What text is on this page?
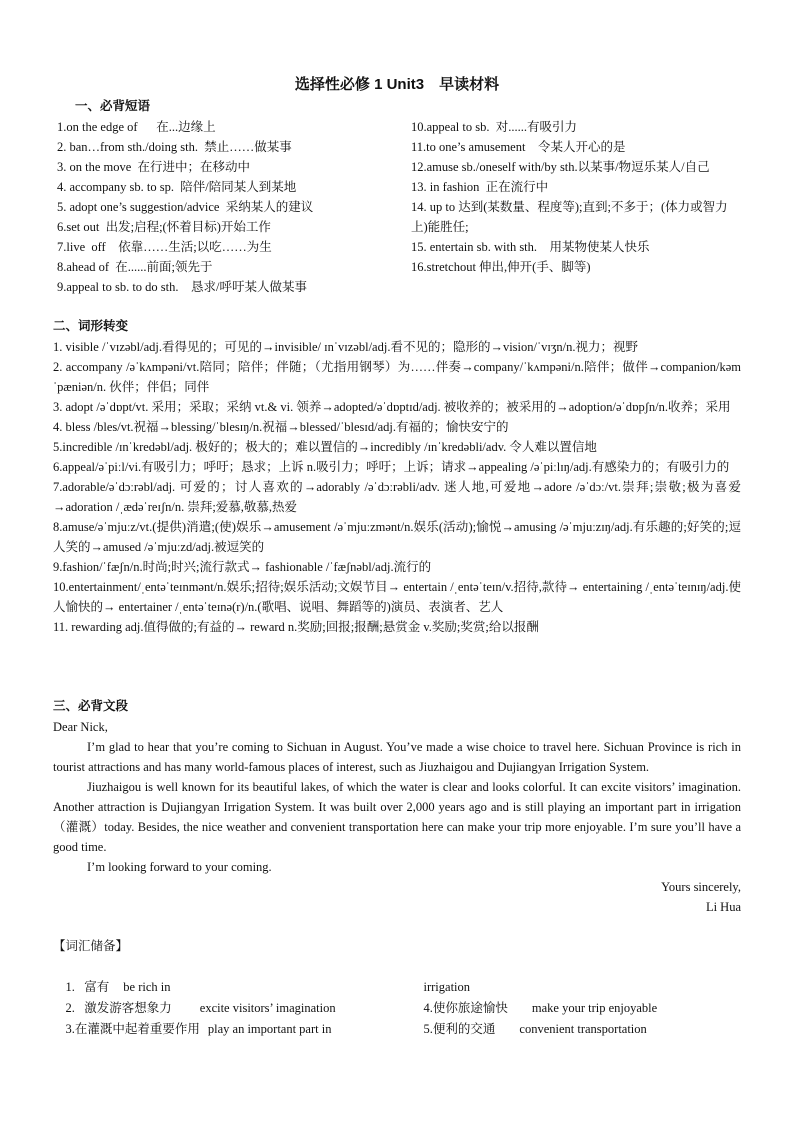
选择性必修 1 Unit3　早读材料
一、必背短语
1.on the edge of      在...边缘上
2. ban…from sth./doing sth.  禁止……做某事
3. on the move  在行进中；在移动中
4. accompany sb. to sp.  陪伴/陪同某人到某地
5. adopt one’s suggestion/advice  采纳某人的建议
6.set out  出发;启程;(怀着目标)开始工作
7.live  off    依靠……生活;以吃……为生
8.ahead of  在......前面;领先于
9.appeal to sb. to do sth.    恳求/呼吁某人做某事
10.appeal to sb.  对......有吸引力
11.to one’s amusement    令某人开心的是
12.amuse sb./oneself with/by sth.以某事/物逗乐某人/自己
13. in fashion  正在流行中
14. up to 达到(某数量、程度等);直到;不多于；(体力或智力上)能胜任;
15. entertain sb. with sth.    用某物使某人快乐
16.stretchout 伸出,伸开(手、脚等)
二、词形转变
1. visible /ˈvɪzəbl/adj.看得见的；可见的→invisible/ ɪnˈvɪzəbl/adj.看不见的；隐形的→vision/ˈvɪʒn/n.视力；视野
2. accompany /əˈkʌmpəni/vt.陪同；陪伴；伴随；（尤指用钢琴）为……伴奏→company/ˈkʌmpəni/n.陪伴；做伴→companion/kəmˈpæniən/n. 伙伴；伴侣；同伴
3. adopt /əˈdɒpt/vt. 采用；采取；采纳 vt.& vi. 领养→adopted/əˈdɒptɪd/adj. 被收养的；被采用的→adoption/əˈdɒpʃn/n.收养；采用
4. bless /bles/vt.祝福→blessing/ˈblesɪŋ/n.祝福→blessed/ˈblesɪd/adj.有福的；愉快安宁的
5.incredible /ɪnˈkredəbl/adj. 极好的；极大的；难以置信的→incredibly /ɪnˈkredəbli/adv. 令人难以置信地
6.appeal/əˈpiːl/vi.有吸引力；呼吁；恳求；上诉 n.吸引力；呼吁；上诉；请求→appealing /əˈpiːlɪŋ/adj.有感染力的；有吸引力的
7.adorable/əˈdɔːrəbl/adj. 可爱的；讨人喜欢的→adorably /əˈdɔːrəbli/adv. 迷人地,可爱地→adore /əˈdɔː/vt.崇拜;崇敬;极为喜爱→adoration /ˌædəˈreɪʃn/n. 崇拜;爱慕,敬慕,热爱
8.amuse/əˈmjuːz/vt.(提供)消遣;(使)娱乐→amusement /əˈmjuːzmənt/n.娱乐(活动);愉悦→amusing /əˈmjuːzɪŋ/adj.有乐趣的;好笑的;逗人笑的→amused /əˈmjuːzd/adj.被逗笑的
9.fashion/ˈfæʃn/n.时尚;时兴;流行款式→ fashionable /ˈfæʃnəbl/adj.流行的
10.entertainment/ˌentəˈteɪnmənt/n.娱乐;招待;娱乐活动;文娱节目→ entertain /ˌentəˈteɪn/v.招待,款待→ entertaining /ˌentəˈteɪnɪŋ/adj.使人愉快的→ entertainer /ˌentəˈteɪnə(r)/n.(歌唱、说唱、舞蹈等的)演员、表演者、艺人
11. rewarding adj.值得做的;有益的→ reward n.奖励;回报;报酬;悬赏金 v.奖励;奖赏;给以报酬
三、必背文段
Dear Nick,
I’m glad to hear that you’re coming to Sichuan in August. You’ve made a wise choice to travel here. Sichuan Province is rich in tourist attractions and has many world-famous places of interest, such as Jiuzhaigou and Dujiangyan Irrigation System.
Jiuzhaigou is well known for its beautiful lakes, of which the water is clear and looks colorful. It can excite visitors’ imagination. Another attraction is Dujiangyan Irrigation System. It was built over 2,000 years ago and is still playing an important part in irrigation（灌溉）today. Besides, the nice weather and convenient transportation here can make your trip more enjoyable. I’m sure you’ll have a good time.
I’m looking forward to your coming.
Yours sincerely,
Li Hua
【词汇储备】

1.   富有 be rich in

2.   激发游客想象力 excite visitors’ imagination

3.在灌溉中起着重要作用 play an important part in

irrigation

4.使你旅途愉快 make your trip enjoyable

5.便利的交通 convenient transportation
